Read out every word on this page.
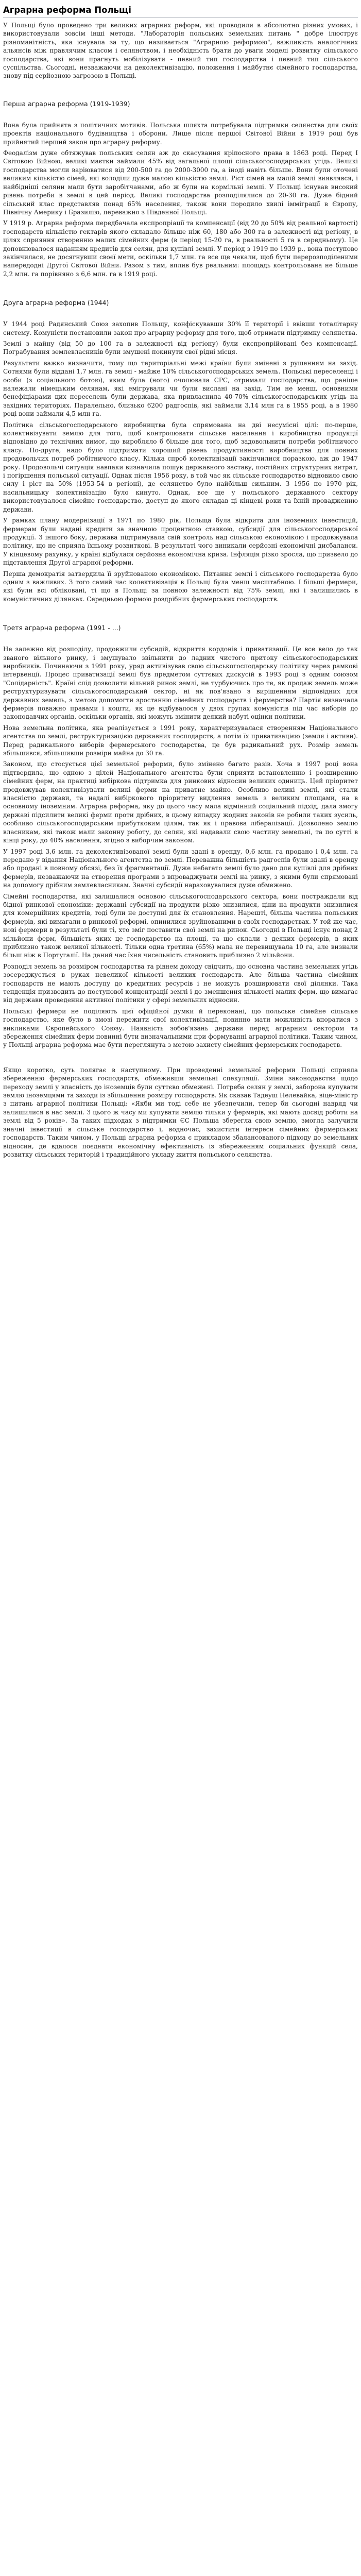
Аграрна реформа Польщі

У Польщі було проведено три великих аграрних реформ, які проводили в абсолютно різних умовах, і використовували зовсім інші методи. "Лабораторія польських земельних питань " добре ілюструє різноманітність, яка існувала за ту, що називається "Аграрною реформою", важливість аналогічних альянсів між правлячим класом і селянством, і необхідність брати до уваги моделі розвитку сільського господарства, які вони прагнуть мобілізувати - певний тип господарства і певний тип сільського суспільства. Сьогодні, незважаючи на деколективізацію, положення і майбутнє сімейного господарства, знову під серйозною загрозою в Польщі.

Перша аграрна реформа (1919-1939)

Вона була прийнята з політичних мотивів. Польська шляхта потребувала підтримки селянства для своїх проектів національного будівництва і оборони. Лише після першої Світової Війни в 1919 році був прийнятий перший закон про аграрну реформу.

Феодалізм дуже обтяжував польських селян аж до скасування кріпосного права в 1863 році. Перед I Світовою Війною, великі маєтки займали 45% від загальної площі сільськогосподарських угідь. Великі господарства могли варіюватися від 200-500 га до 2000-3000 га, а іноді навіть більше. Вони були оточені великим кількістю сімей, які володіли дуже малою кількістю землі. Ріст сімей на малій землі виявлявся, і найбідніші селяни мали бути заробітчанами, або ж були на кормільні землі. У Польщі існував високий рівень потреби в землі в цей період. Великі господарства розподілялися до 20-30 га. Дуже бідний сільський клас представляв понад 65% населення, також вони породило хвилі імміграції в Європу, Північну Америку і Бразилію, переважно з Південної Польщі.

У 1919 р. Аграрна реформа передбачала експропріації та компенсації (від 20 до 50% від реальної вартості) господарств кількістю гектарів якого складало більше ніж 60, 180 або 300 га в залежності від регіону, в цілях сприяння створенню малих сімейних ферм (в період 15-20 га, в реальності 5 га в середньому). Це доповнювалося наданням кредитів для селян, для купівлі землі. У період з 1919 по 1939 р., вона поступово закінчилася, не досягнувши своєї мети, оскільки 1,7 млн. га все ще чекали, щоб бути перерозподіленими напередодні Другої Світової Війни. Разом з тим, вплив був реальним: площадь контрольована не більше 2,2 млн. га порівняно з 6,6 млн. га в 1919 році.

Друга аграрна реформа (1944)

У 1944 році Радянський Союз захопив Польщу, конфіскувавши 30% її території і ввівши тоталітарну систему. Комуністи постановили закон про аграрну реформу для того, щоб отримати підтримку селянства.

Землі з майну (від 50 до 100 га в залежності від регіону) були експропрійовані без компенсації. Пограбування землевласників були змушені покинути свої рідні місця.

Результати важко визначити, тому що територіальні межі країни були змінені з рушенням на захід. Сотнями були віддані 1,7 млн. га землі - майже 10% сільськогосподарських земель. Польські переселенці і особи (з соціального ботою), яким була (ного) очолювала СРС, отримали господарства, що раніше належали німецьким селянам, які емігрували чи були вислані на захід. Тим не менш, основними бенефіціарами цих переселень були держава, яка привласнила 40-70% сільськогосподарських угідь на західних територіях. Паралельно, близько 6200 радгоспів, які займали 3,14 млн га в 1955 році, а в 1980 році вони займали 4,5 млн га.

Політика сільськогосподарського виробництва була спрямована на дві несумісні цілі: по-перше, колективізувати землю для того, щоб контролювати сільське населення і виробництво продукції відповідно до технічних вимог, що виробляло б більше для того, щоб задовольнити потреби робітничого класу. По-друге, надо було підтримати хороший рівень продуктивності виробництва для повних продовольчих потреб робітничого класу. Кілька спроб колективізації закінчилися поразкою, аж до 1947 року. Продовольчі ситуація навпаки визначила пошук державного заставу, постійних структурних витрат, і погіршення польської ситуації. Однак після 1956 року, в той час як сільське господарство відновило свою силу і ріст на 50% (1953-54 в регіоні), де селянство було найбільш сильним. З 1956 по 1970 рік, насильницьку колективізацію було кинуто. Однак, все ще у польського державного сектору використовувалося сімейне господарство, доступ до якого складав ці кінцеві роки та їхній провадженню держави.

У рамках плану модернізації з 1971 по 1980 рік, Польща була відкрита для іноземних інвестицій, фермерам були надані кредити за значною процентною ставкою, субсидії для сільськогосподарської продукції. З іншого боку, держава підтримувала свій контроль над сільською економікою і продовжувала політику, що не сприяла їхньому розвиткові. В результаті чого виникали серйозні економічні дисбаланси. У кінцевому рахунку, у країні відбулася серйозна економічна криза. Інфляція різко зросла, що призвело до підставлення Другої аграрної реформи.

Перша демократія затвердила її зруйнованою економікою. Питання землі і сільського господарства було одним з важливих. З того самий час колективізація в Польщі була менш масштабною. І більші фермери, які були всі обліковані, ті що в Польщі за повною залежності від 75% землі, які і залишились в комуністичних ділянках. Середньою формою роздрібних фермерських господарств.

Третя аграрна реформа (1991 - ...)

Не залежно від розподілу, продовжили субсидій, відкриття кордонів і приватизації. Це все вело до так званого вільного ринку, і змушувало звільнити до ладних чистого притоку сільськогосподарських виробників. Починаючи з 1991 року, уряд активізував свою сільськогосподарську політику через рамкові інтервенції. Процес приватизації землі був предметом суттєвих дискусій в 1993 році з одним союзом "Солідарність". Країні слід дозволити вільний ринок землі, не турбуючись про те, як продаж земель може реструктуризувати сільськогосподарський сектор, ні як пов'язано з вирішенням відповідних для державних земель, з метою допомогти зростанню сімейних господарств і фермерства? Партія визначала фермерів поважно правами і кошти, як це відбувалося у двох групах комуністів під час виборів до законодавчих органів, оскільки органів, які можуть змінити деякий набуті оцінки політики.

Нова земельна політика, яка реалізується з 1991 року, характеризувалася створенням Національного агентства по землі, реструктуризацією державних господарств, а потім їх приватизацією (земля і активи). Перед радикального виборів фермерського господарства, це був радикальний рух. Розмір земель збільшився, збільшивши розміри майна до 30 га.

Законом, що стосується цієї земельної реформи, було змінено багато разів. Хоча в 1997 році вона підтвердила, що одною з цілей Національного агентства були сприяти встановленню і розширенню сімейних ферм, на практиці вибіркова підтримка для ринкових відносин великих одиниць. Цей пріоритет продовжував колективізувати великі ферми на приватне майно. Особливо великі землі, які стали власністю держави, та надалі вибіркового пріоритету видлення земель з великим площами, на в основному іноземним. Аграрна реформа, яку до цього часу мала відмінний соціальний підхід, дала змогу державі підсилити великі ферми проти дрібних, в цьому випадку жодних законів не робили таких зусиль, особливо сільськогосподарським прибутковим цілям, так як і правова лібералізації. Дозволено землю власникам, які також мали законну роботу, до селян, які надавали свою частину земельні, та по сутті в кінці року, до 40% населення, згідно з виборчим законом.

У 1997 році 3,6 млн. га деколективізованої землі були здані в оренду, 0,6 млн. га продано і 0,4 млн. га передано у відання Національного агентства по землі. Переважна більшість радгоспів були здані в оренду або продані в повному обсязі, без їх фрагментації. Дуже небагато землі було дано для купівлі для дрібних фермерів, незважаючи на створення програми з впроваджувати землі на ринку, з якими були спрямовані на допомогу дрібним землевласникам. Значні субсидії нараховувалися дуже обмежено.

Сімейні господарства, які залишалися основою сільськогосподарського сектора, вони постраждали від бідної ринкової економіки: державні субсидії на продукти різко знизилися, ціни на продукти знизилися для комерційних кредитів, тоді були не доступні для їх становлення. Нарешті, більша частина польських фермерів, які вимагали в ринкової реформі, опинилися зруйнованими в своїх господарствах. У той же час, нові фермери в результаті були ті, хто зміг поставити свої землі на ринок. Сьогодні в Польщі існує понад 2 мільйони ферм, більшість яких це господарство на площі, та що склали з деяких фермерів, в яких приблизно також великої кількості. Тільки одна третина (65%) мала не перевищувала 10 га, але визнали більш ніж в Португалії. На даний час їхня чисельність становить приблизно 2 мільйони.

Розподіл земель за розміром господарства та рівнем доходу свідчить, що основна частина земельних угідь зосереджується в руках невеликої кількості великих господарств. Але більша частина сімейних господарств не мають доступу до кредитних ресурсів і не можуть розширювати свої ділянки. Така тенденція призводить до поступової концентрації землі і до зменшення кількості малих ферм, що вимагає від держави проведення активної політики у сфері земельних відносин.

Польські фермери не поділяють цієї офіційної думки й переконані, що польське сімейне сільське господарство, яке було в змозі пережити свої колективізації, повинно мати можливість впоратися з викликами Європейського Союзу. Наявність зобов'язань держави перед аграрним сектором та збереження сімейних ферм повинні бути визначальними при формуванні аграрної політики. Таким чином, у Польщі аграрна реформа має бути переглянута з метою захисту сімейних фермерських господарств.

Якщо коротко, суть полягає в наступному. При проведенні земельної реформи Польщі сприяла збереженню фермерських господарств, обмеживши земельні спекуляції. Зміни законодавства щодо переходу землі у власність до іноземців були суттєво обмежені. Потреба селян у землі, заборона купувати землю іноземцями та заходи із збільшення розміру господарств. Як сказав Тадеуш Нелевайка, віце-міністр з питань аграрної політики Польщі: «Якби ми тоді себе не убезпечили, тепер би сьогодні навряд чи залишилися в нас землі. З цього ж часу ми купувати землю тільки у фермерів, які мають досвід роботи на землі від 5 років». За таких підходах з підтримки ЄС Польща зберегла свою землю, змогла залучити значні інвестиції в сільське господарство і, водночас, захистити інтереси сімейних фермерських господарств. Таким чином, у Польщі аграрна реформа є прикладом збалансованого підходу до земельних відносин, де вдалося поєднати економічну ефективність із збереженням соціальних функцій села, розвитку сільських територій і традиційного укладу життя польського селянства.
